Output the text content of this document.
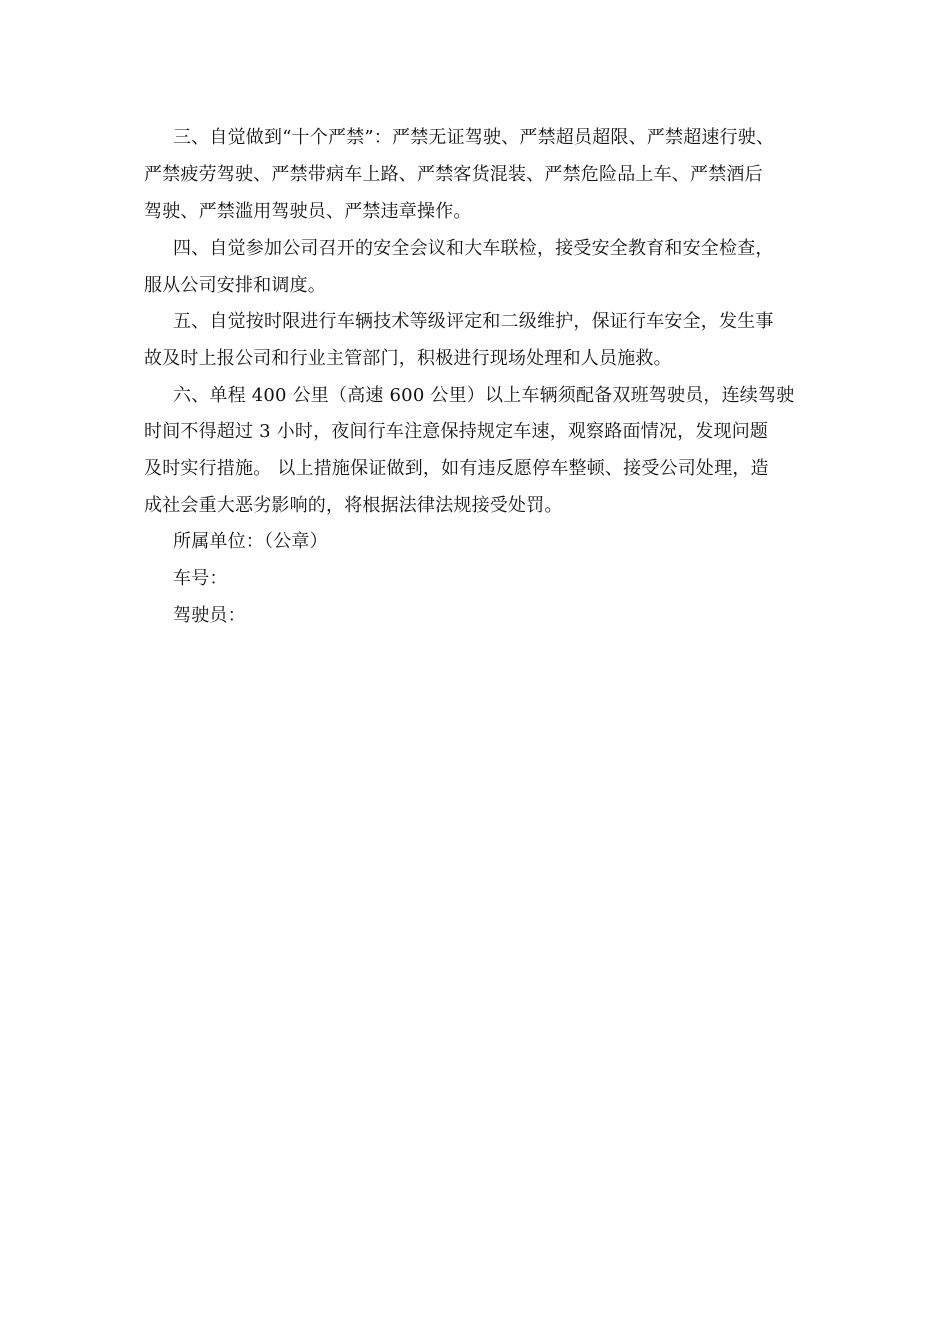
三、自觉做到“十个严禁”：严禁无证驾驶、严禁超员超限、严禁超速行驶、
严禁疲劳驾驶、严禁带病车上路、严禁客货混装、严禁危险品上车、严禁酒后
驾驶、严禁滥用驾驶员、严禁违章操作。
四、自觉参加公司召开的安全会议和大车联检，接受安全教育和安全检查，
服从公司安排和调度。
五、自觉按时限进行车辆技术等级评定和二级维护，保证行车安全，发生事
故及时上报公司和行业主管部门，积极进行现场处理和人员施救。
六、单程 400 公里（高速 600 公里）以上车辆须配备双班驾驶员，连续驾驶
时间不得超过 3 小时，夜间行车注意保持规定车速，观察路面情况，发现问题
及时实行措施。 以上措施保证做到，如有违反愿停车整顿、接受公司处理，造
成社会重大恶劣影响的，将根据法律法规接受处罚。
所属单位：（公章）
车号：
驾驶员：
